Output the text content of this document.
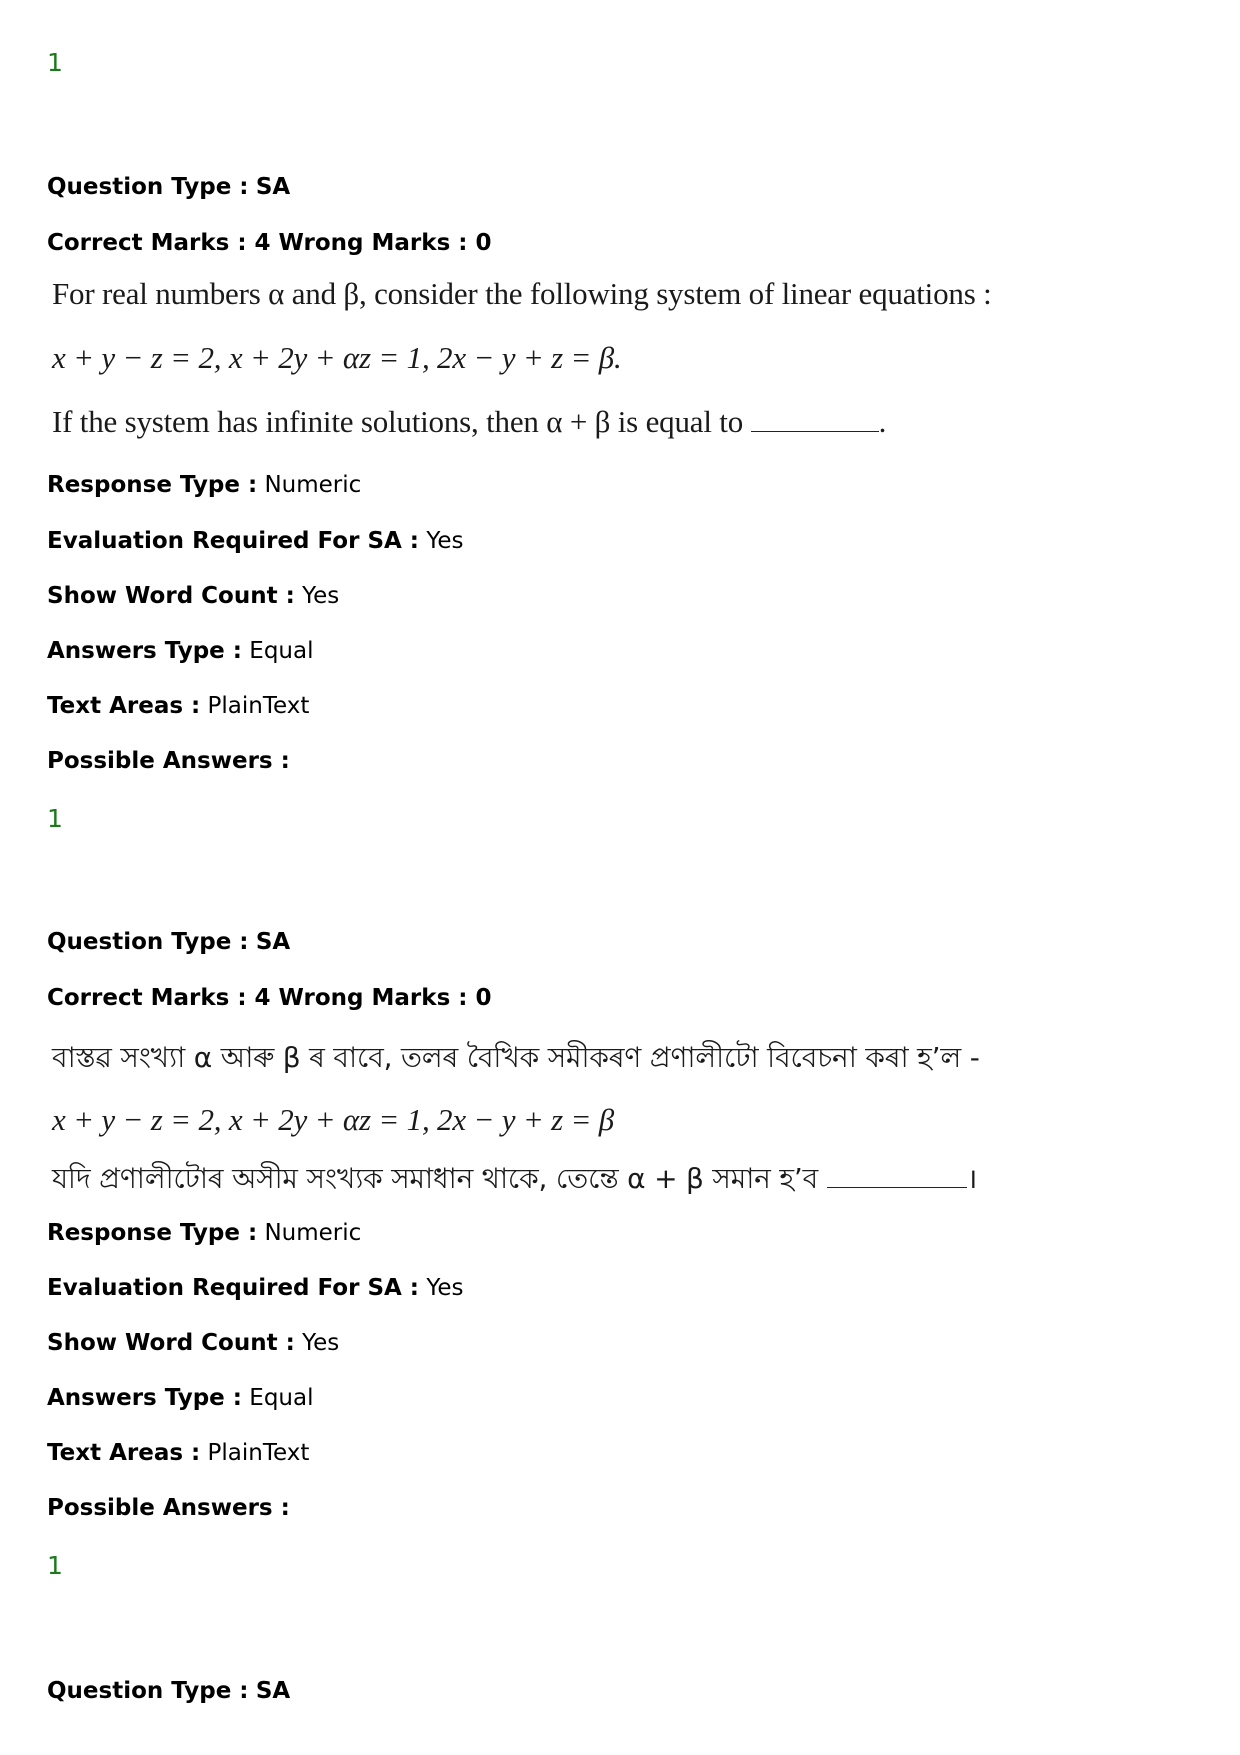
1
Question Type : SA
Correct Marks : 4 Wrong Marks : 0
For real numbers α and β, consider the following system of linear equations :
x + y − z = 2, x + 2y + αz = 1, 2x − y + z = β.
If the system has infinite solutions, then α + β is equal to	.
Response Type : Numeric
Evaluation Required For SA : Yes
Show Word Count : Yes
Answers Type : Equal
Text Areas : PlainText
Possible Answers :
1
Question Type : SA
Correct Marks : 4 Wrong Marks : 0
বাস্তৱ সংখ্যা α আৰু β ৰ বাবে, তলৰ বৈখিক সমীকৰণ প্ৰণালীটো বিবেচনা কৰা হ’ল -
x + y − z = 2, x + 2y + αz = 1, 2x − y + z = β
যদি প্ৰণালীটোৰ অসীম সংখ্যক সমাধান থাকে, তেন্তে α + β সমান হ’ব	।
Response Type : Numeric
Evaluation Required For SA : Yes
Show Word Count : Yes
Answers Type : Equal
Text Areas : PlainText
Possible Answers :
1
Question Type : SA
